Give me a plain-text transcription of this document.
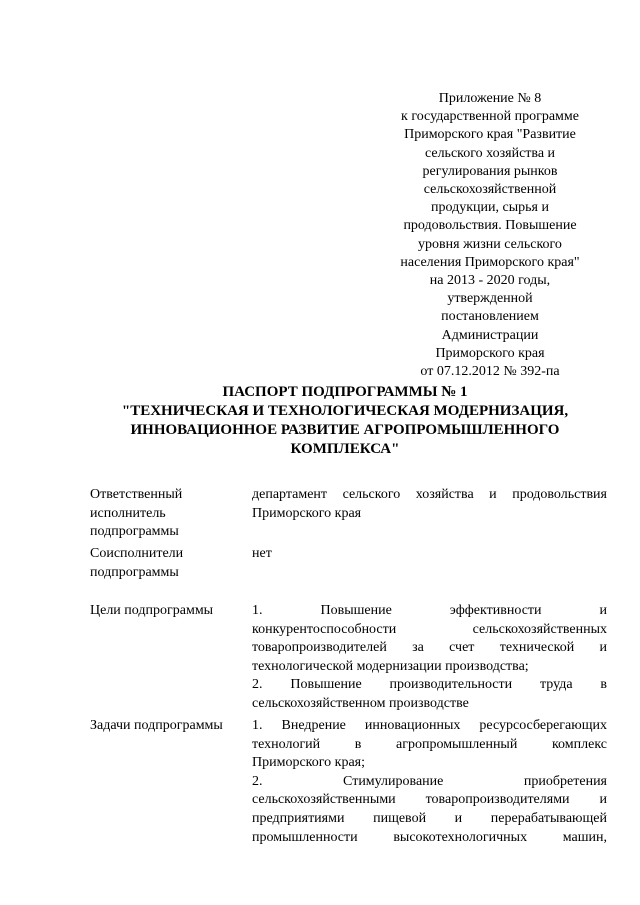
Приложение № 8
к государственной программе
Приморского края "Развитие
сельского хозяйства и
регулирования рынков
сельскохозяйственной
продукции, сырья и
продовольствия. Повышение
уровня жизни сельского
населения Приморского края"
на 2013 - 2020 годы,
утвержденной
постановлением
Администрации
Приморского края
от 07.12.2012 № 392-па
ПАСПОРТ ПОДПРОГРАММЫ № 1
"ТЕХНИЧЕСКАЯ И ТЕХНОЛОГИЧЕСКАЯ МОДЕРНИЗАЦИЯ,
ИННОВАЦИОННОЕ РАЗВИТИЕ АГРОПРОМЫШЛЕННОГО
КОМПЛЕКСА"
Ответственный
исполнитель
подпрограммы
департамент сельского хозяйства и продовольствия
Приморского края
Соисполнители
подпрограммы
нет
Цели подпрограммы	1. Повышение эффективности и
конкурентоспособности сельскохозяйственных
товаропроизводителей за счет технической и
технологической модернизации производства;
2. Повышение производительности труда в
сельскохозяйственном производстве
Задачи подпрограммы	1. Внедрение инновационных ресурсосберегающих
технологий в агропромышленный комплекс
Приморского края;
2. Стимулирование приобретения
сельскохозяйственными товаропроизводителями и
предприятиями пищевой и перерабатывающей
промышленности высокотехнологичных машин,
